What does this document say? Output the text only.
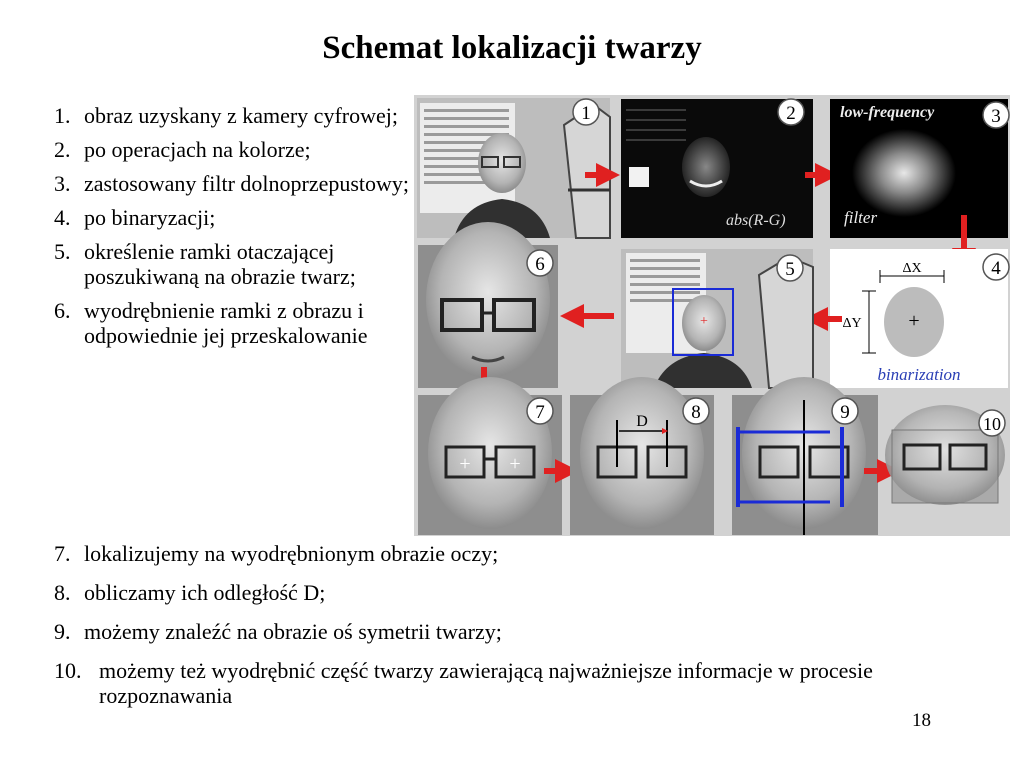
Schemat lokalizacji twarzy
1. obraz uzyskany z kamery cyfrowej;
2. po operacjach na kolorze;
3. zastosowany filtr dolnoprzepustowy;
4. po binaryzacji;
5. określenie ramki otaczającej poszukiwaną na obrazie twarz;
6. wyodrębnienie ramki z obrazu i odpowiednie jej przeskalowanie
1	2
abs(R-G)
low-frequency
filter
3
ΔX
ΔY +
binarization
4
+
5
6
+ +
7	D 8	9
10
7. lokalizujemy na wyodrębnionym obrazie oczy;
8. obliczamy ich odległość D;
9. możemy znaleźć na obrazie oś symetrii twarzy;
10. możemy też wyodrębnić część twarzy zawierającą najważniejsze informacje w procesie rozpoznawania
18
